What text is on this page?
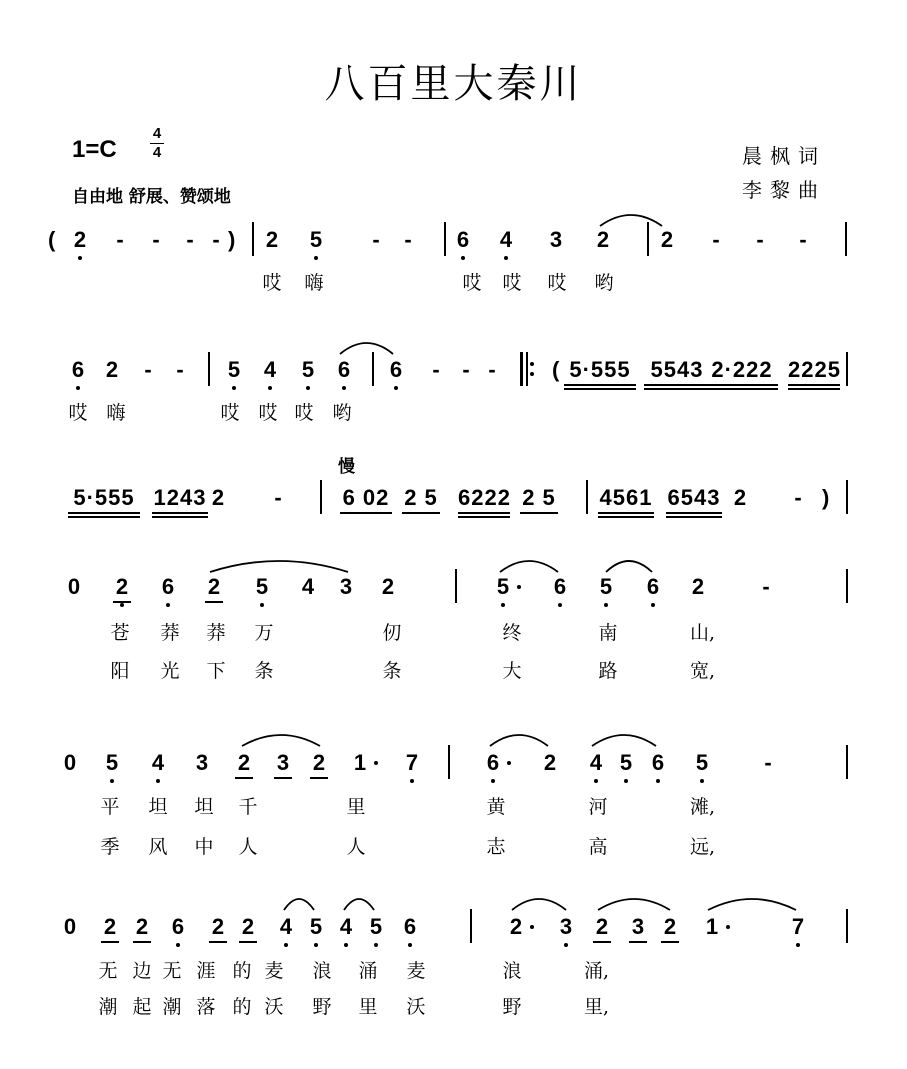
八百里大秦川
1=C
4
4
自由地 舒展、赞颂地
晨枫词
李黎曲
( 2 - - - - ) 2 5 - - 6 4 3 2 2 - - -
哎 嗨	哎 哎 哎 哟
6 2 - - 5 4 5 6 6 - - -	( 5·555 5543 2·222 2225
哎 嗨	哎 哎 哎 哟
5·555 1243 2 -	6 02 2 5 6222 2 5 4561 6543 2 - )
0 2 6 2 5 4 3 2	5 6 5 6 2	-
苍 莽 莽 万	仞	终	南	山,
阳 光 下 条	条	大	路	宽,
0 5 4 3 2 3 2 1 7	6 2 4 5 6 5	-
平 坦 坦 千	里	黄	河	滩,
季 风 中 人	人	志	高	远,
0 2 2 6 2 2 4 5 4 5 6	2 3 2 3 2 1	7
无 边 无 涯 的 麦 浪 涌 麦	浪	涌,
潮 起 潮 落 的 沃 野 里 沃	野	里,
慢
